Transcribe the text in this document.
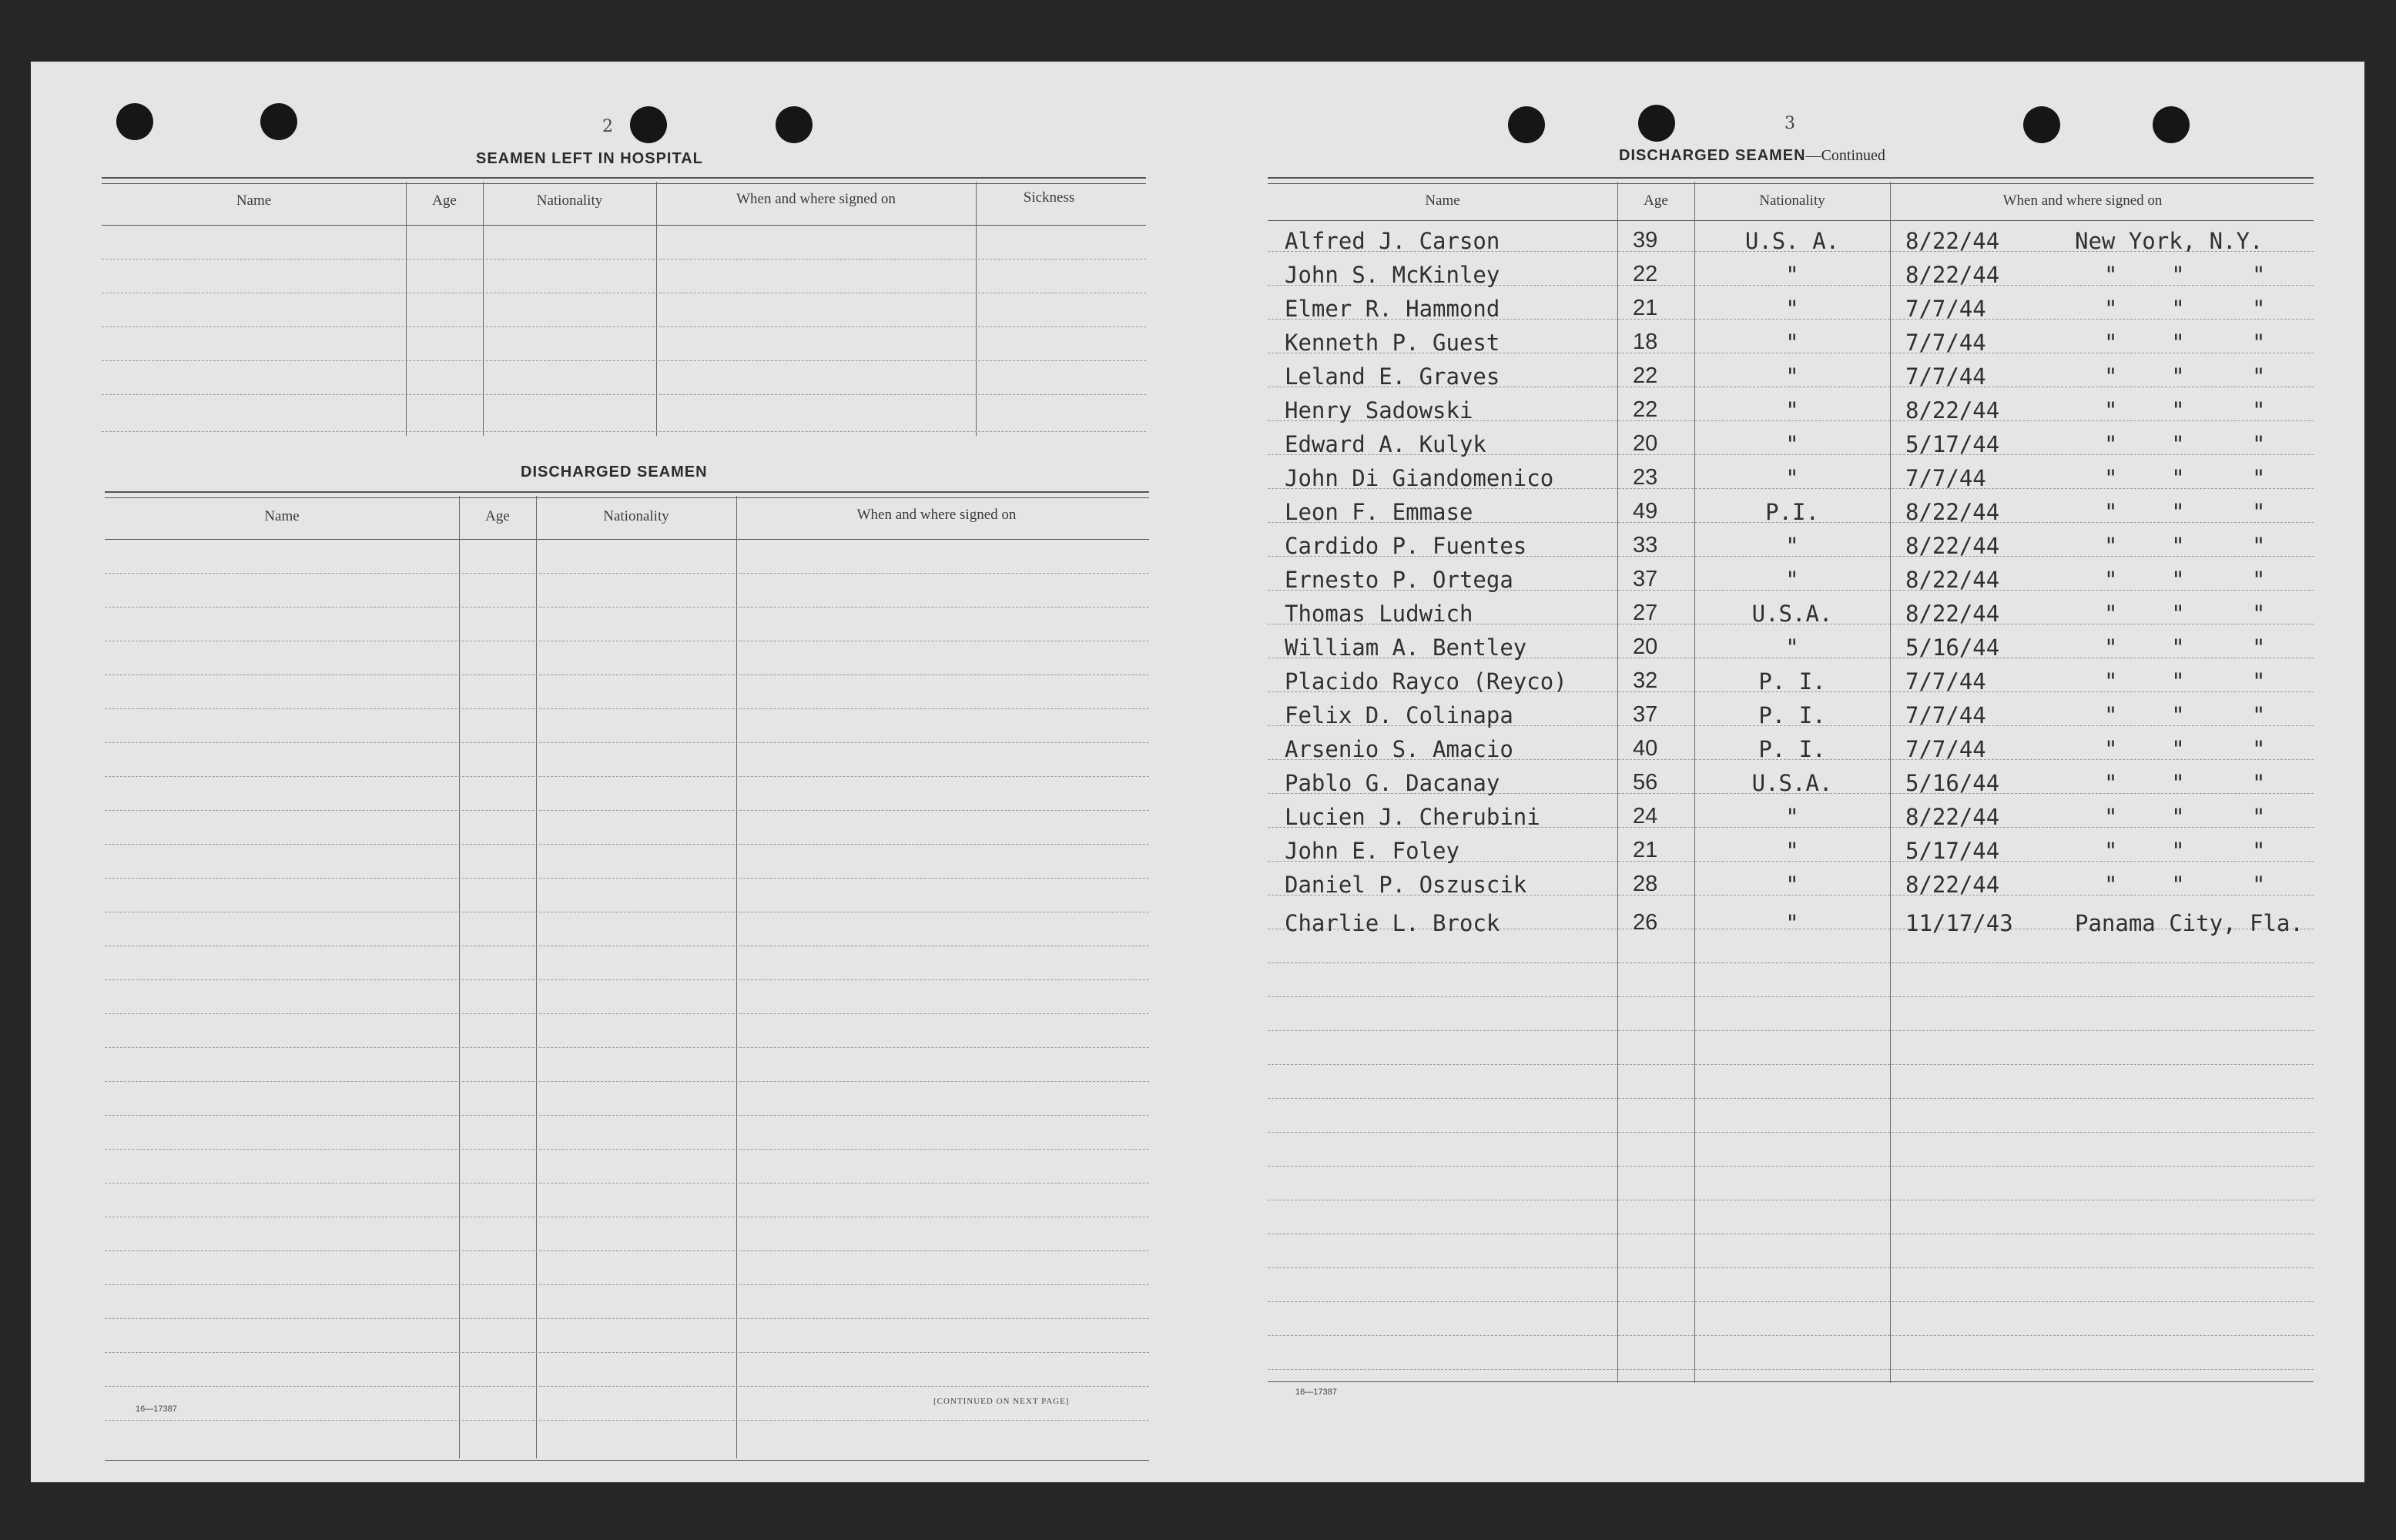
2
SEAMEN LEFT IN HOSPITAL
Name	Age	Nationality	When and where signed on	Sickness
DISCHARGED SEAMEN
Name	Age	Nationality	When and where signed on
16—17387
[CONTINUED ON NEXT PAGE]
3
DISCHARGED SEAMEN—Continued
Name	Age	Nationality	When and where signed on
Alfred J. Carson	39	U.S. A.	8/22/44	New York, N.Y.
John S. McKinley	22	"	8/22/44	"    "     "
Elmer R. Hammond	21	"	7/7/44	"    "     "
Kenneth P. Guest	18	"	7/7/44	"    "     "
Leland E. Graves	22	"	7/7/44	"    "     "
Henry Sadowski	22	"	8/22/44	"    "     "
Edward A. Kulyk	20	"	5/17/44	"    "     "
John Di Giandomenico	23	"	7/7/44	"    "     "
Leon F. Emmase	49	P.I.	8/22/44	"    "     "
Cardido P. Fuentes	33	"	8/22/44	"    "     "
Ernesto P. Ortega	37	"	8/22/44	"    "     "
Thomas Ludwich	27	U.S.A.	8/22/44	"    "     "
William A. Bentley	20	"	5/16/44	"    "     "
Placido Rayco (Reyco)	32	P. I.	7/7/44	"    "     "
Felix D. Colinapa	37	P. I.	7/7/44	"    "     "
Arsenio S. Amacio	40	P. I.	7/7/44	"    "     "
Pablo G. Dacanay	56	U.S.A.	5/16/44	"    "     "
Lucien J. Cherubini	24	"	8/22/44	"    "     "
John E. Foley	21	"	5/17/44	"    "     "
Daniel P. Oszuscik	28	"	8/22/44	"    "     "
Charlie L. Brock	26	"	11/17/43	Panama City, Fla.
16—17387
